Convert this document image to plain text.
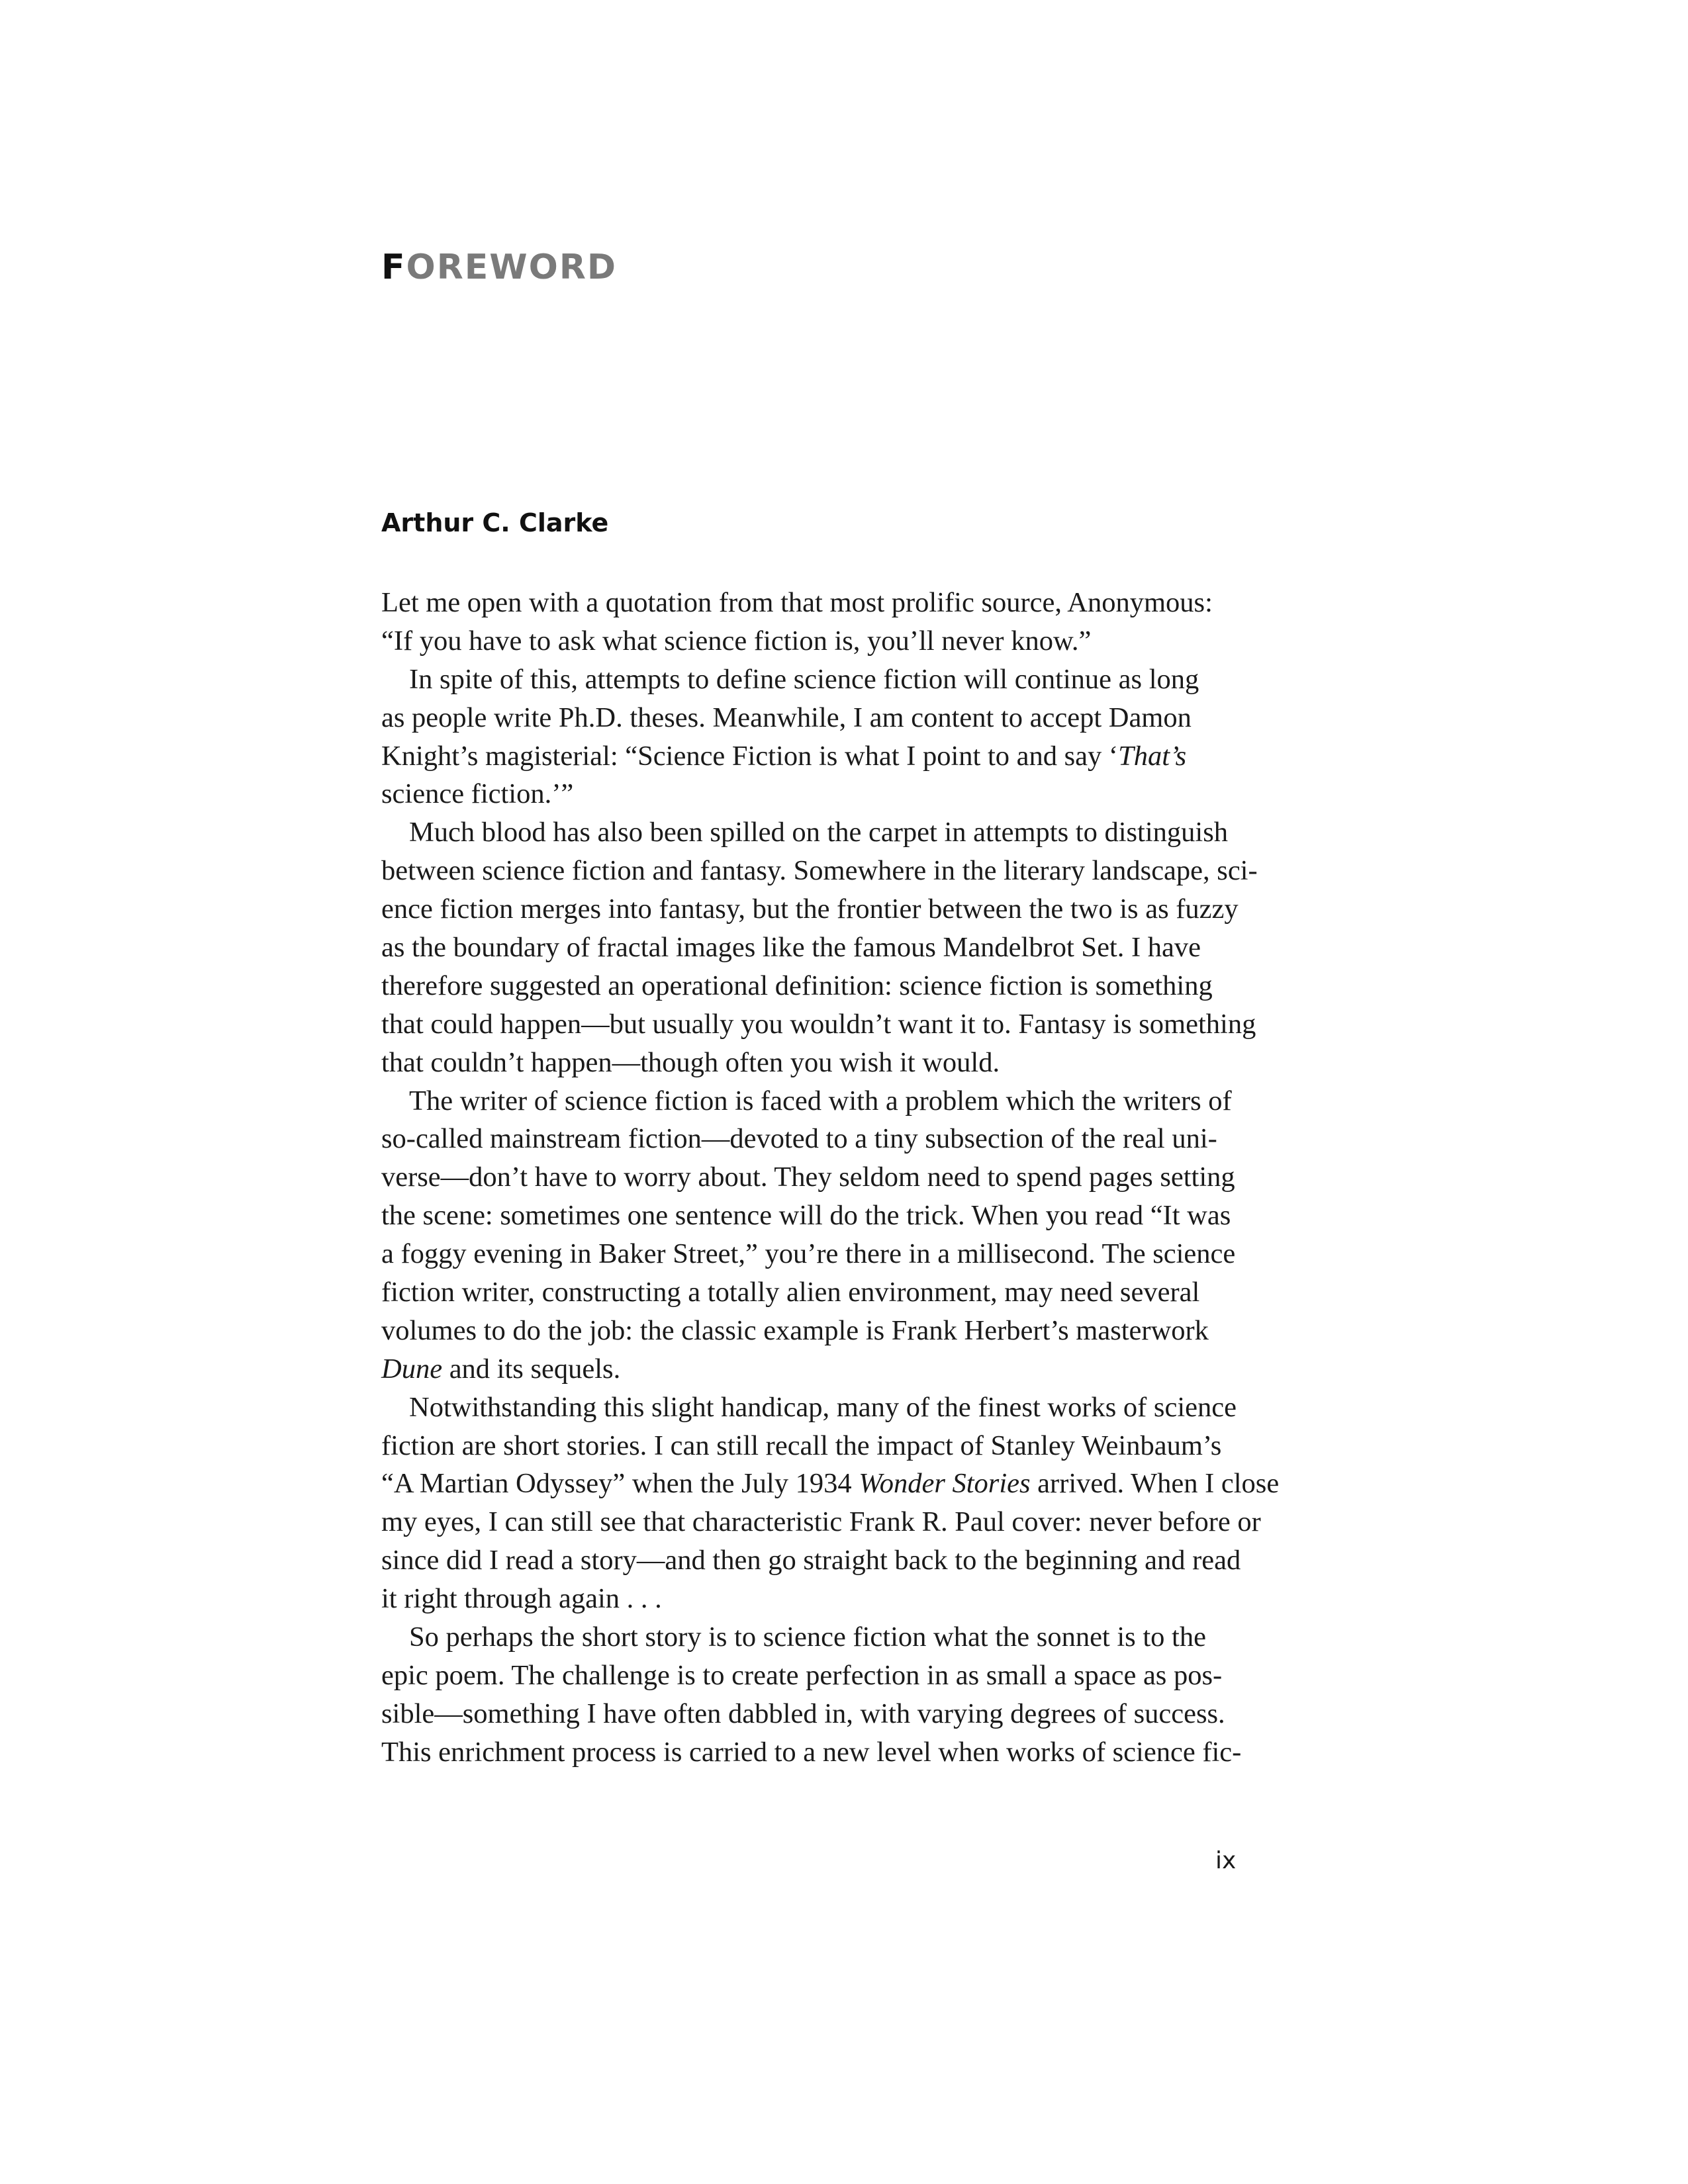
FOREWORD
Arthur C. Clarke
Let me open with a quotation from that most prolific source, Anonymous:
“If you have to ask what science fiction is, you’ll never know.”
In spite of this, attempts to define science fiction will continue as long
as people write Ph.D. theses. Meanwhile, I am content to accept Damon
Knight’s magisterial: “Science Fiction is what I point to and say ‘That’s
science fiction.’”
Much blood has also been spilled on the carpet in attempts to distinguish
between science fiction and fantasy. Somewhere in the literary landscape, sci-
ence fiction merges into fantasy, but the frontier between the two is as fuzzy
as the boundary of fractal images like the famous Mandelbrot Set. I have
therefore suggested an operational definition: science fiction is something
that could happen—but usually you wouldn’t want it to. Fantasy is something
that couldn’t happen—though often you wish it would.
The writer of science fiction is faced with a problem which the writers of
so-called mainstream fiction—devoted to a tiny subsection of the real uni-
verse—don’t have to worry about. They seldom need to spend pages setting
the scene: sometimes one sentence will do the trick. When you read “It was
a foggy evening in Baker Street,” you’re there in a millisecond. The science
fiction writer, constructing a totally alien environment, may need several
volumes to do the job: the classic example is Frank Herbert’s masterwork
Dune and its sequels.
Notwithstanding this slight handicap, many of the finest works of science
fiction are short stories. I can still recall the impact of Stanley Weinbaum’s
“A Martian Odyssey” when the July 1934 Wonder Stories arrived. When I close
my eyes, I can still see that characteristic Frank R. Paul cover: never before or
since did I read a story—and then go straight back to the beginning and read
it right through again . . .
So perhaps the short story is to science fiction what the sonnet is to the
epic poem. The challenge is to create perfection in as small a space as pos-
sible—something I have often dabbled in, with varying degrees of success.
This enrichment process is carried to a new level when works of science fic-
ix
